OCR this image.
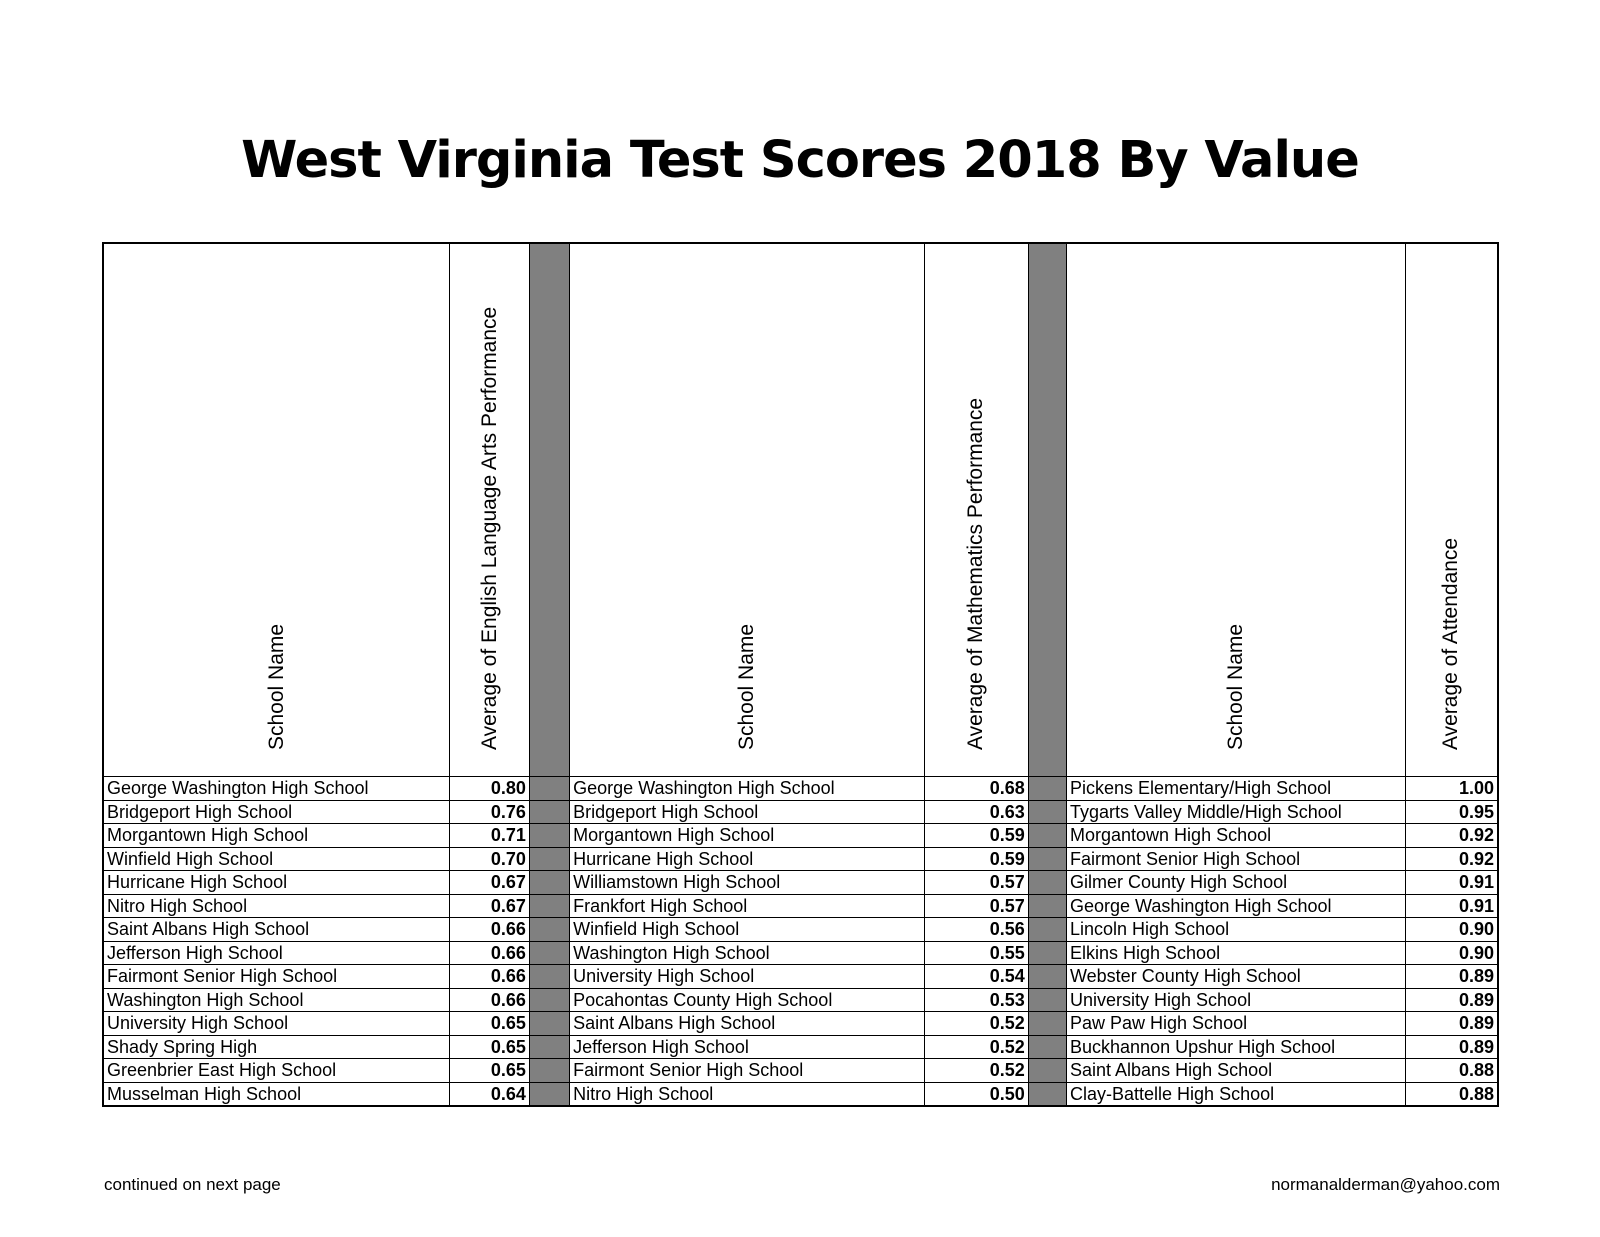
West Virginia Test Scores 2018 By Value
School Name	Average of English Language Arts Performance		School Name	Average of Mathematics Performance		School Name	Average of Attendance

George Washington High School	0.80		George Washington High School	0.68		Pickens Elementary/High School	1.00
Bridgeport High School	0.76		Bridgeport High School	0.63		Tygarts Valley Middle/High School	0.95
Morgantown High School	0.71		Morgantown High School	0.59		Morgantown High School	0.92
Winfield High School	0.70		Hurricane High School	0.59		Fairmont Senior High School	0.92
Hurricane High School	0.67		Williamstown High School	0.57		Gilmer County High School	0.91
Nitro High School	0.67		Frankfort High School	0.57		George Washington High School	0.91
Saint Albans High School	0.66		Winfield High School	0.56		Lincoln High School	0.90
Jefferson High School	0.66		Washington High School	0.55		Elkins High School	0.90
Fairmont Senior High School	0.66		University High School	0.54		Webster County High School	0.89
Washington High School	0.66		Pocahontas County High School	0.53		University High School	0.89
University High School	0.65		Saint Albans High School	0.52		Paw Paw High School	0.89
Shady Spring High	0.65		Jefferson High School	0.52		Buckhannon Upshur High School	0.89
Greenbrier East High School	0.65		Fairmont Senior High School	0.52		Saint Albans High School	0.88
Musselman High School	0.64		Nitro High School	0.50		Clay-Battelle High School	0.88
continued on next page	normanalderman@yahoo.com
